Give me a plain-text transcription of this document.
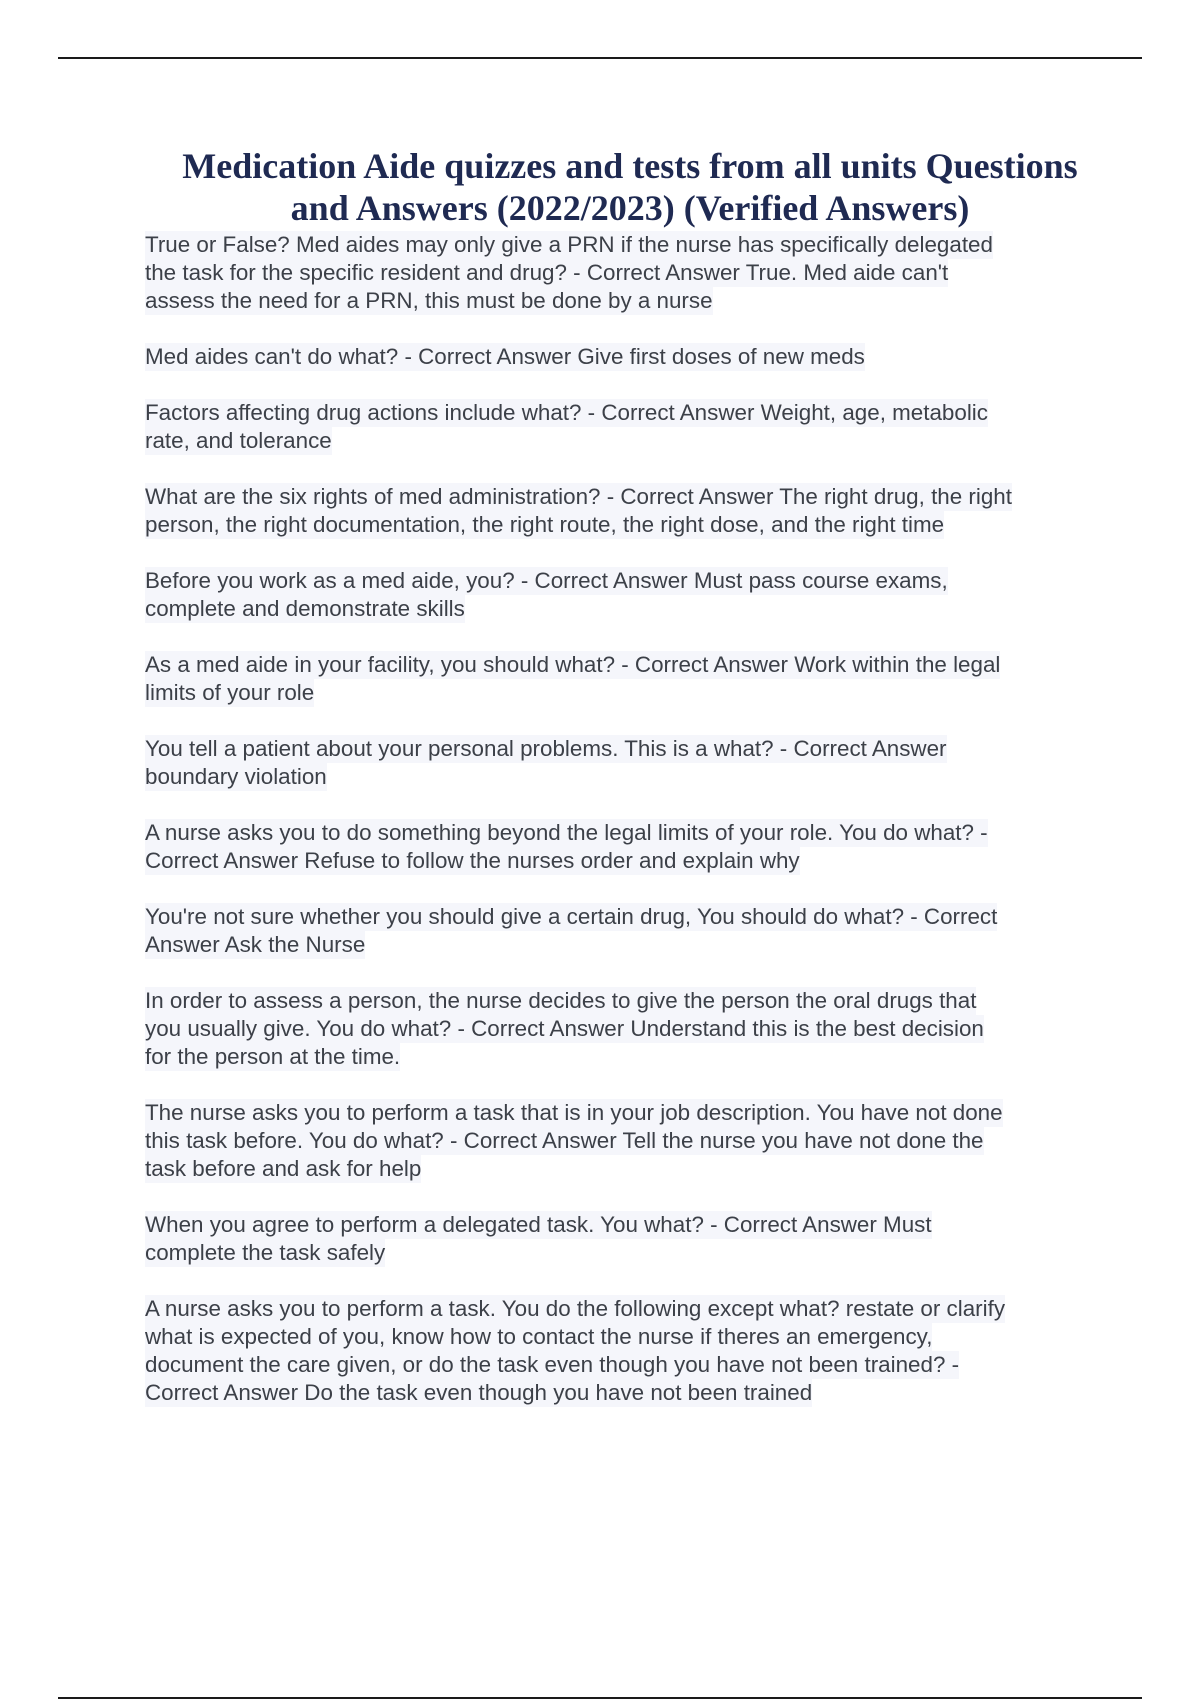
Medication Aide quizzes and tests from all units Questions
and Answers (2022/2023) (Verified Answers)

True or False? Med aides may only give a PRN if the nurse has specifically delegated
the task for the specific resident and drug? - Correct Answer True. Med aide can't
assess the need for a PRN, this must be done by a nurse

Med aides can't do what? - Correct Answer Give first doses of new meds

Factors affecting drug actions include what? - Correct Answer Weight, age, metabolic
rate, and tolerance

What are the six rights of med administration? - Correct Answer The right drug, the right
person, the right documentation, the right route, the right dose, and the right time

Before you work as a med aide, you? - Correct Answer Must pass course exams,
complete and demonstrate skills

As a med aide in your facility, you should what? - Correct Answer Work within the legal
limits of your role

You tell a patient about your personal problems. This is a what? - Correct Answer
boundary violation

A nurse asks you to do something beyond the legal limits of your role. You do what? -
Correct Answer Refuse to follow the nurses order and explain why

You're not sure whether you should give a certain drug, You should do what? - Correct
Answer Ask the Nurse

In order to assess a person, the nurse decides to give the person the oral drugs that
you usually give. You do what? - Correct Answer Understand this is the best decision
for the person at the time.

The nurse asks you to perform a task that is in your job description. You have not done
this task before. You do what? - Correct Answer Tell the nurse you have not done the
task before and ask for help

When you agree to perform a delegated task. You what? - Correct Answer Must
complete the task safely

A nurse asks you to perform a task. You do the following except what? restate or clarify
what is expected of you, know how to contact the nurse if theres an emergency,
document the care given, or do the task even though you have not been trained? -
Correct Answer Do the task even though you have not been trained
